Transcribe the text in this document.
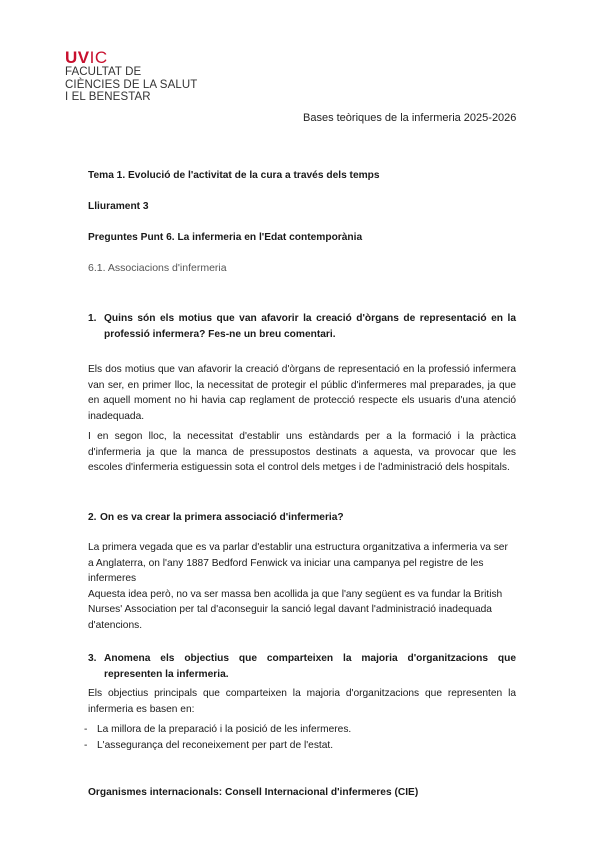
UV IC
FACULTAT DE
CIÈNCIES DE LA SALUT
I EL BENESTAR
Bases teòriques de la infermeria 2025-2026
Tema 1. Evolució de l'activitat de la cura a través dels temps
Lliurament 3
Preguntes Punt 6. La infermeria en l'Edat contemporània
6.1. Associacions d'infermeria
1. Quins són els motius que van afavorir la creació d'òrgans de representació en la professió infermera? Fes-ne un breu comentari.

Els dos motius que van afavorir la creació d'òrgans de representació en la professió infermera van ser, en primer lloc, la necessitat de protegir el públic d'infermeres mal preparades, ja que en aquell moment no hi havia cap reglament de protecció respecte els usuaris d'una atenció inadequada.

I en segon lloc, la necessitat d'establir uns estàndards per a la formació i la pràctica d'infermeria ja que la manca de pressupostos destinats a aquesta, va provocar que les escoles d'infermeria estiguessin sota el control dels metges i de l'administració dels hospitals.

2. On es va crear la primera associació d'infermeria?

La primera vegada que es va parlar d'establir una estructura organitzativa a infermeria va ser a Anglaterra, on l'any 1887 Bedford Fenwick va iniciar una campanya pel registre de les infermeres

Aquesta idea però, no va ser massa ben acollida ja que l'any següent es va fundar la British Nurses' Association per tal d'aconseguir la sanció legal davant l'administració inadequada d'atencions.

3. Anomena els objectius que comparteixen la majoria d'organitzacions que representen la infermeria.

Els objectius principals que comparteixen la majoria d'organitzacions que representen la infermeria es basen en:

- La millora de la preparació i la posició de les infermeres.
- L'assegurança del reconeixement per part de l'estat.
Organismes internacionals: Consell Internacional d'infermeres (CIE)
